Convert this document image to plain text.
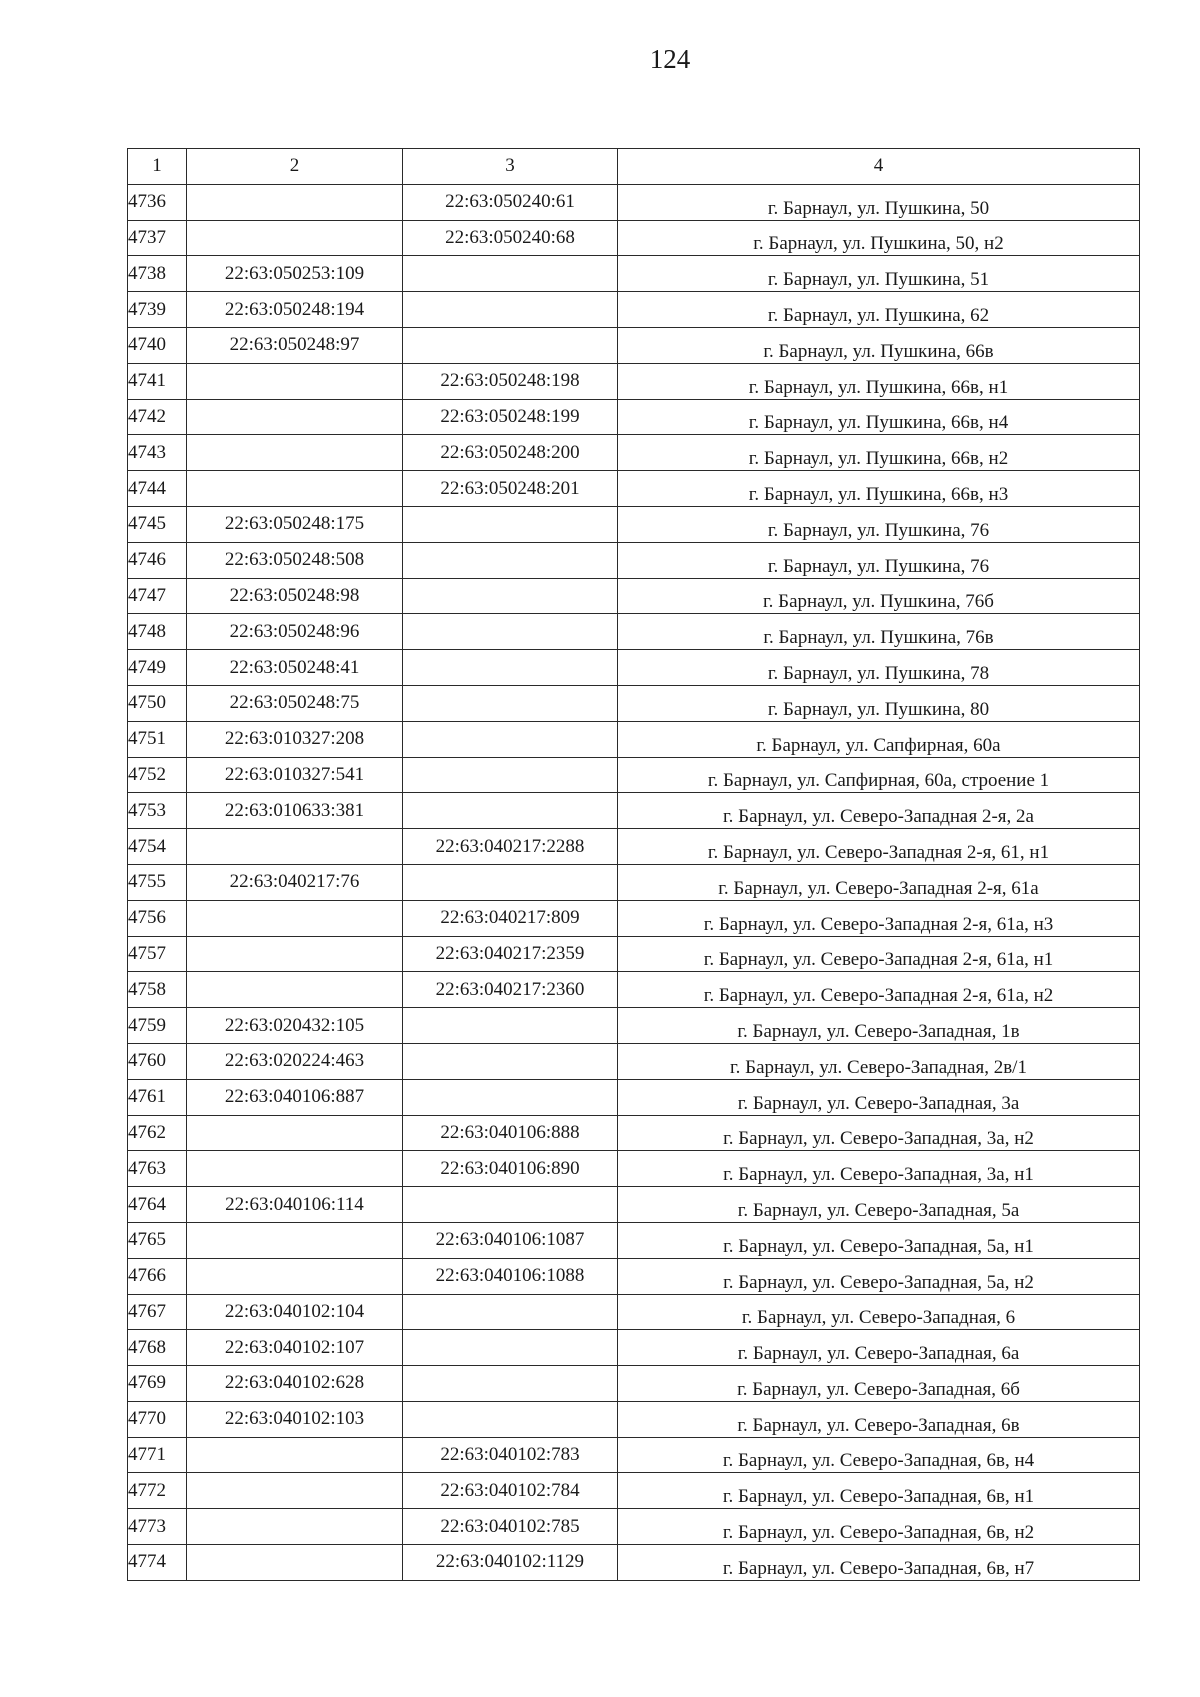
124
1	2	3	4
4736		22:63:050240:61	г. Барнаул, ул. Пушкина, 50
4737		22:63:050240:68	г. Барнаул, ул. Пушкина, 50, н2
4738	22:63:050253:109		г. Барнаул, ул. Пушкина, 51
4739	22:63:050248:194		г. Барнаул, ул. Пушкина, 62
4740	22:63:050248:97		г. Барнаул, ул. Пушкина, 66в
4741		22:63:050248:198	г. Барнаул, ул. Пушкина, 66в, н1
4742		22:63:050248:199	г. Барнаул, ул. Пушкина, 66в, н4
4743		22:63:050248:200	г. Барнаул, ул. Пушкина, 66в, н2
4744		22:63:050248:201	г. Барнаул, ул. Пушкина, 66в, н3
4745	22:63:050248:175		г. Барнаул, ул. Пушкина, 76
4746	22:63:050248:508		г. Барнаул, ул. Пушкина, 76
4747	22:63:050248:98		г. Барнаул, ул. Пушкина, 76б
4748	22:63:050248:96		г. Барнаул, ул. Пушкина, 76в
4749	22:63:050248:41		г. Барнаул, ул. Пушкина, 78
4750	22:63:050248:75		г. Барнаул, ул. Пушкина, 80
4751	22:63:010327:208		г. Барнаул, ул. Сапфирная, 60а
4752	22:63:010327:541		г. Барнаул, ул. Сапфирная, 60а, строение 1
4753	22:63:010633:381		г. Барнаул, ул. Северо-Западная 2-я, 2а
4754		22:63:040217:2288	г. Барнаул, ул. Северо-Западная 2-я, 61, н1
4755	22:63:040217:76		г. Барнаул, ул. Северо-Западная 2-я, 61а
4756		22:63:040217:809	г. Барнаул, ул. Северо-Западная 2-я, 61а, н3
4757		22:63:040217:2359	г. Барнаул, ул. Северо-Западная 2-я, 61а, н1
4758		22:63:040217:2360	г. Барнаул, ул. Северо-Западная 2-я, 61а, н2
4759	22:63:020432:105		г. Барнаул, ул. Северо-Западная, 1в
4760	22:63:020224:463		г. Барнаул, ул. Северо-Западная, 2в/1
4761	22:63:040106:887		г. Барнаул, ул. Северо-Западная, 3а
4762		22:63:040106:888	г. Барнаул, ул. Северо-Западная, 3а, н2
4763		22:63:040106:890	г. Барнаул, ул. Северо-Западная, 3а, н1
4764	22:63:040106:114		г. Барнаул, ул. Северо-Западная, 5а
4765		22:63:040106:1087	г. Барнаул, ул. Северо-Западная, 5а, н1
4766		22:63:040106:1088	г. Барнаул, ул. Северо-Западная, 5а, н2
4767	22:63:040102:104		г. Барнаул, ул. Северо-Западная, 6
4768	22:63:040102:107		г. Барнаул, ул. Северо-Западная, 6а
4769	22:63:040102:628		г. Барнаул, ул. Северо-Западная, 6б
4770	22:63:040102:103		г. Барнаул, ул. Северо-Западная, 6в
4771		22:63:040102:783	г. Барнаул, ул. Северо-Западная, 6в, н4
4772		22:63:040102:784	г. Барнаул, ул. Северо-Западная, 6в, н1
4773		22:63:040102:785	г. Барнаул, ул. Северо-Западная, 6в, н2
4774		22:63:040102:1129	г. Барнаул, ул. Северо-Западная, 6в, н7
